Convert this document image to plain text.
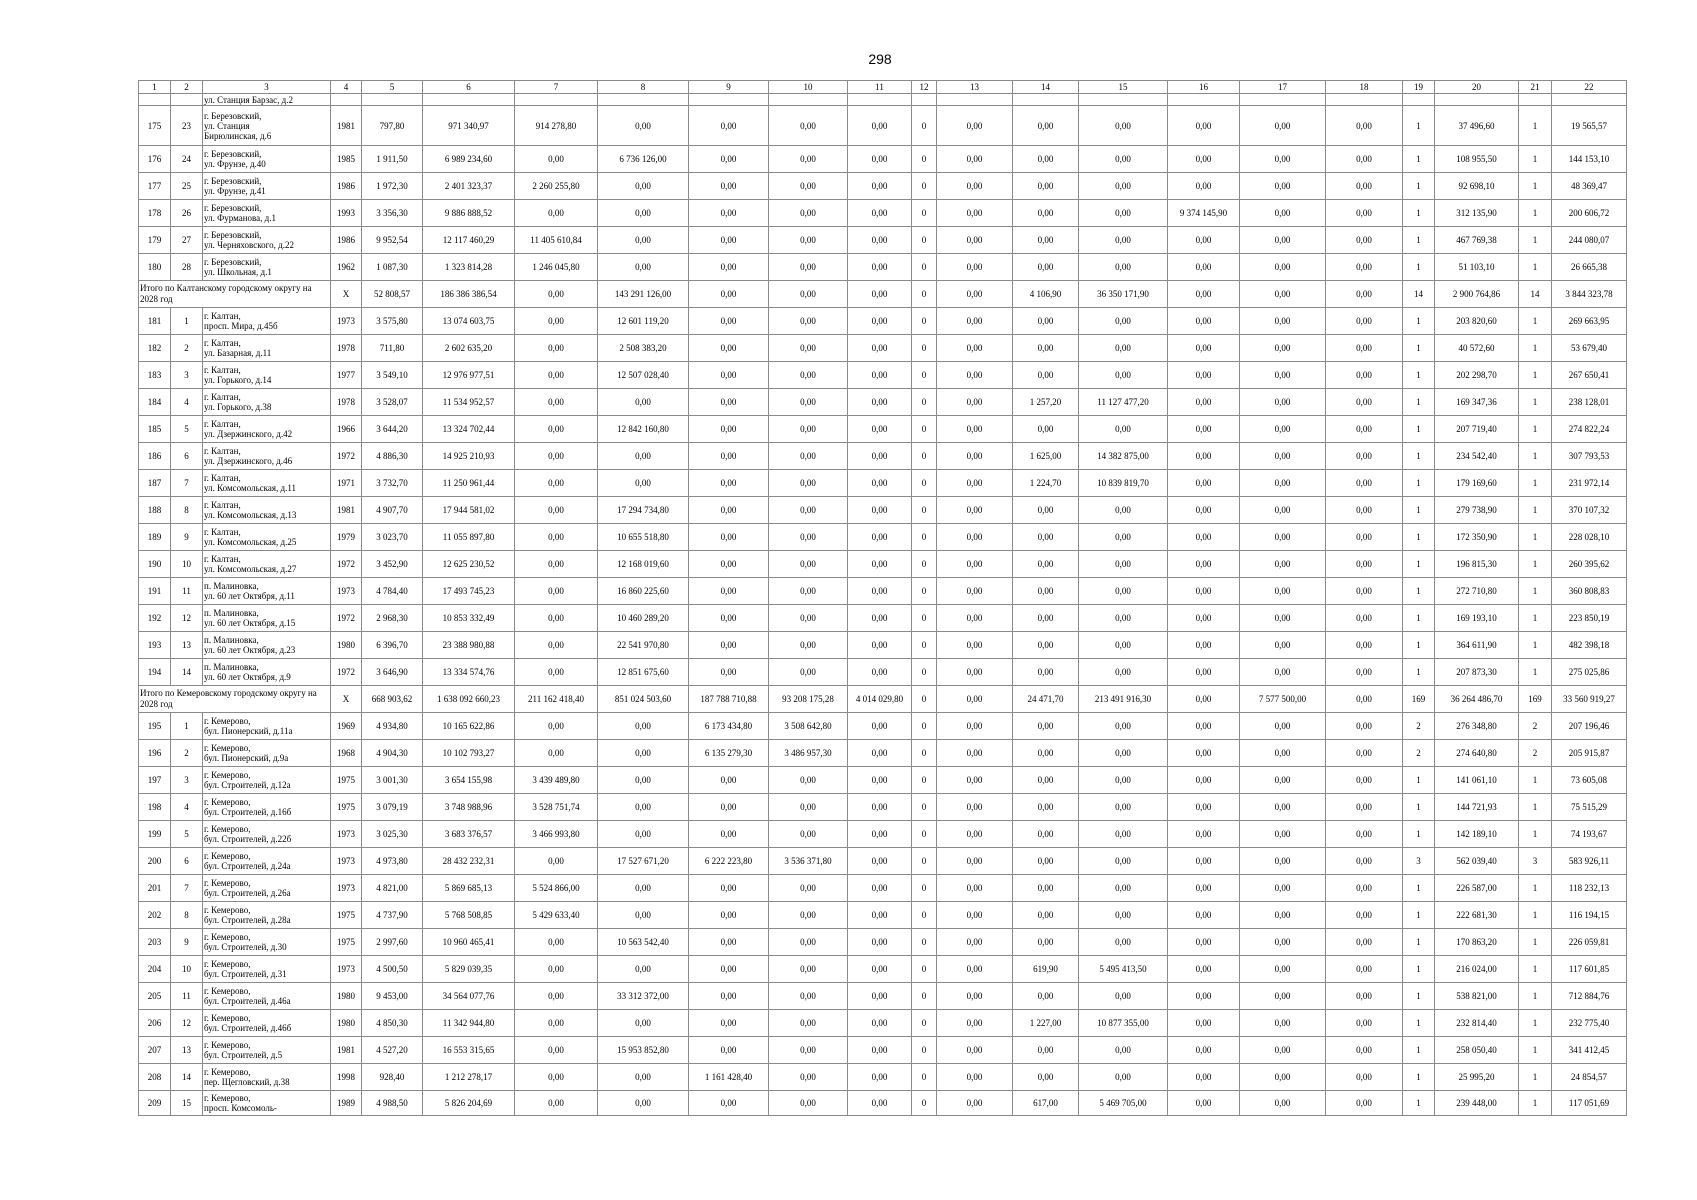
298
1	2	3	4	5	6	7	8	9	10	11	12	13	14	15	16	17	18	19	20	21	22
		ул. Станция Барзас, д.2																			
175	23	г. Березовский,
ул. Станция
Бирюлинская, д.6	1981	797,80	971 340,97	914 278,80	0,00	0,00	0,00	0,00	0	0,00	0,00	0,00	0,00	0,00	0,00	1	37 496,60	1	19 565,57
176	24	г. Березовский,
ул. Фрунзе, д.40	1985	1 911,50	6 989 234,60	0,00	6 736 126,00	0,00	0,00	0,00	0	0,00	0,00	0,00	0,00	0,00	0,00	1	108 955,50	1	144 153,10
177	25	г. Березовский,
ул. Фрунзе, д.41	1986	1 972,30	2 401 323,37	2 260 255,80	0,00	0,00	0,00	0,00	0	0,00	0,00	0,00	0,00	0,00	0,00	1	92 698,10	1	48 369,47
178	26	г. Березовский,
ул. Фурманова, д.1	1993	3 356,30	9 886 888,52	0,00	0,00	0,00	0,00	0,00	0	0,00	0,00	0,00	9 374 145,90	0,00	0,00	1	312 135,90	1	200 606,72
179	27	г. Березовский,
ул. Черняховского, д.22	1986	9 952,54	12 117 460,29	11 405 610,84	0,00	0,00	0,00	0,00	0	0,00	0,00	0,00	0,00	0,00	0,00	1	467 769,38	1	244 080,07
180	28	г. Березовский,
ул. Школьная, д.1	1962	1 087,30	1 323 814,28	1 246 045,80	0,00	0,00	0,00	0,00	0	0,00	0,00	0,00	0,00	0,00	0,00	1	51 103,10	1	26 665,38
Итого по Калтанскому городскому округу на 2028 год			X	52 808,57	186 386 386,54	0,00	143 291 126,00	0,00	0,00	0,00	0	0,00	4 106,90	36 350 171,90	0,00	0,00	0,00	14	2 900 764,86	14	3 844 323,78
181	1	г. Калтан,
просп. Мира, д.45б	1973	3 575,80	13 074 603,75	0,00	12 601 119,20	0,00	0,00	0,00	0	0,00	0,00	0,00	0,00	0,00	0,00	1	203 820,60	1	269 663,95
182	2	г. Калтан,
ул. Базарная, д.11	1978	711,80	2 602 635,20	0,00	2 508 383,20	0,00	0,00	0,00	0	0,00	0,00	0,00	0,00	0,00	0,00	1	40 572,60	1	53 679,40
183	3	г. Калтан,
ул. Горького, д.14	1977	3 549,10	12 976 977,51	0,00	12 507 028,40	0,00	0,00	0,00	0	0,00	0,00	0,00	0,00	0,00	0,00	1	202 298,70	1	267 650,41
184	4	г. Калтан,
ул. Горького, д.38	1978	3 528,07	11 534 952,57	0,00	0,00	0,00	0,00	0,00	0	0,00	1 257,20	11 127 477,20	0,00	0,00	0,00	1	169 347,36	1	238 128,01
185	5	г. Калтан,
ул. Дзержинского, д.42	1966	3 644,20	13 324 702,44	0,00	12 842 160,80	0,00	0,00	0,00	0	0,00	0,00	0,00	0,00	0,00	0,00	1	207 719,40	1	274 822,24
186	6	г. Калтан,
ул. Дзержинского, д.46	1972	4 886,30	14 925 210,93	0,00	0,00	0,00	0,00	0,00	0	0,00	1 625,00	14 382 875,00	0,00	0,00	0,00	1	234 542,40	1	307 793,53
187	7	г. Калтан,
ул. Комсомольская, д.11	1971	3 732,70	11 250 961,44	0,00	0,00	0,00	0,00	0,00	0	0,00	1 224,70	10 839 819,70	0,00	0,00	0,00	1	179 169,60	1	231 972,14
188	8	г. Калтан,
ул. Комсомольская, д.13	1981	4 907,70	17 944 581,02	0,00	17 294 734,80	0,00	0,00	0,00	0	0,00	0,00	0,00	0,00	0,00	0,00	1	279 738,90	1	370 107,32
189	9	г. Калтан,
ул. Комсомольская, д.25	1979	3 023,70	11 055 897,80	0,00	10 655 518,80	0,00	0,00	0,00	0	0,00	0,00	0,00	0,00	0,00	0,00	1	172 350,90	1	228 028,10
190	10	г. Калтан,
ул. Комсомольская, д.27	1972	3 452,90	12 625 230,52	0,00	12 168 019,60	0,00	0,00	0,00	0	0,00	0,00	0,00	0,00	0,00	0,00	1	196 815,30	1	260 395,62
191	11	п. Малиновка,
ул. 60 лет Октября, д.11	1973	4 784,40	17 493 745,23	0,00	16 860 225,60	0,00	0,00	0,00	0	0,00	0,00	0,00	0,00	0,00	0,00	1	272 710,80	1	360 808,83
192	12	п. Малиновка,
ул. 60 лет Октября, д.15	1972	2 968,30	10 853 332,49	0,00	10 460 289,20	0,00	0,00	0,00	0	0,00	0,00	0,00	0,00	0,00	0,00	1	169 193,10	1	223 850,19
193	13	п. Малиновка,
ул. 60 лет Октября, д.23	1980	6 396,70	23 388 980,88	0,00	22 541 970,80	0,00	0,00	0,00	0	0,00	0,00	0,00	0,00	0,00	0,00	1	364 611,90	1	482 398,18
194	14	п. Малиновка,
ул. 60 лет Октября, д.9	1972	3 646,90	13 334 574,76	0,00	12 851 675,60	0,00	0,00	0,00	0	0,00	0,00	0,00	0,00	0,00	0,00	1	207 873,30	1	275 025,86
Итого по Кемеровскому городскому округу на 2028 год			X	668 903,62	1 638 092 660,23	211 162 418,40	851 024 503,60	187 788 710,88	93 208 175,28	4 014 029,80	0	0,00	24 471,70	213 491 916,30	0,00	7 577 500,00	0,00	169	36 264 486,70	169	33 560 919,27
195	1	г. Кемерово,
бул. Пионерский, д.11а	1969	4 934,80	10 165 622,86	0,00	0,00	6 173 434,80	3 508 642,80	0,00	0	0,00	0,00	0,00	0,00	0,00	0,00	2	276 348,80	2	207 196,46
196	2	г. Кемерово,
бул. Пионерский, д.9а	1968	4 904,30	10 102 793,27	0,00	0,00	6 135 279,30	3 486 957,30	0,00	0	0,00	0,00	0,00	0,00	0,00	0,00	2	274 640,80	2	205 915,87
197	3	г. Кемерово,
бул. Строителей, д.12а	1975	3 001,30	3 654 155,98	3 439 489,80	0,00	0,00	0,00	0,00	0	0,00	0,00	0,00	0,00	0,00	0,00	1	141 061,10	1	73 605,08
198	4	г. Кемерово,
бул. Строителей, д.16б	1975	3 079,19	3 748 988,96	3 528 751,74	0,00	0,00	0,00	0,00	0	0,00	0,00	0,00	0,00	0,00	0,00	1	144 721,93	1	75 515,29
199	5	г. Кемерово,
бул. Строителей, д.22б	1973	3 025,30	3 683 376,57	3 466 993,80	0,00	0,00	0,00	0,00	0	0,00	0,00	0,00	0,00	0,00	0,00	1	142 189,10	1	74 193,67
200	6	г. Кемерово,
бул. Строителей, д.24а	1973	4 973,80	28 432 232,31	0,00	17 527 671,20	6 222 223,80	3 536 371,80	0,00	0	0,00	0,00	0,00	0,00	0,00	0,00	3	562 039,40	3	583 926,11
201	7	г. Кемерово,
бул. Строителей, д.26а	1973	4 821,00	5 869 685,13	5 524 866,00	0,00	0,00	0,00	0,00	0	0,00	0,00	0,00	0,00	0,00	0,00	1	226 587,00	1	118 232,13
202	8	г. Кемерово,
бул. Строителей, д.28а	1975	4 737,90	5 768 508,85	5 429 633,40	0,00	0,00	0,00	0,00	0	0,00	0,00	0,00	0,00	0,00	0,00	1	222 681,30	1	116 194,15
203	9	г. Кемерово,
бул. Строителей, д.30	1975	2 997,60	10 960 465,41	0,00	10 563 542,40	0,00	0,00	0,00	0	0,00	0,00	0,00	0,00	0,00	0,00	1	170 863,20	1	226 059,81
204	10	г. Кемерово,
бул. Строителей, д.31	1973	4 500,50	5 829 039,35	0,00	0,00	0,00	0,00	0,00	0	0,00	619,90	5 495 413,50	0,00	0,00	0,00	1	216 024,00	1	117 601,85
205	11	г. Кемерово,
бул. Строителей, д.46а	1980	9 453,00	34 564 077,76	0,00	33 312 372,00	0,00	0,00	0,00	0	0,00	0,00	0,00	0,00	0,00	0,00	1	538 821,00	1	712 884,76
206	12	г. Кемерово,
бул. Строителей, д.46б	1980	4 850,30	11 342 944,80	0,00	0,00	0,00	0,00	0,00	0	0,00	1 227,00	10 877 355,00	0,00	0,00	0,00	1	232 814,40	1	232 775,40
207	13	г. Кемерово,
бул. Строителей, д.5	1981	4 527,20	16 553 315,65	0,00	15 953 852,80	0,00	0,00	0,00	0	0,00	0,00	0,00	0,00	0,00	0,00	1	258 050,40	1	341 412,45
208	14	г. Кемерово,
пер. Щегловский, д.38	1998	928,40	1 212 278,17	0,00	0,00	1 161 428,40	0,00	0,00	0	0,00	0,00	0,00	0,00	0,00	0,00	1	25 995,20	1	24 854,57
209	15	г. Кемерово,
просп. Комсомоль-	1989	4 988,50	5 826 204,69	0,00	0,00	0,00	0,00	0,00	0	0,00	617,00	5 469 705,00	0,00	0,00	0,00	1	239 448,00	1	117 051,69
